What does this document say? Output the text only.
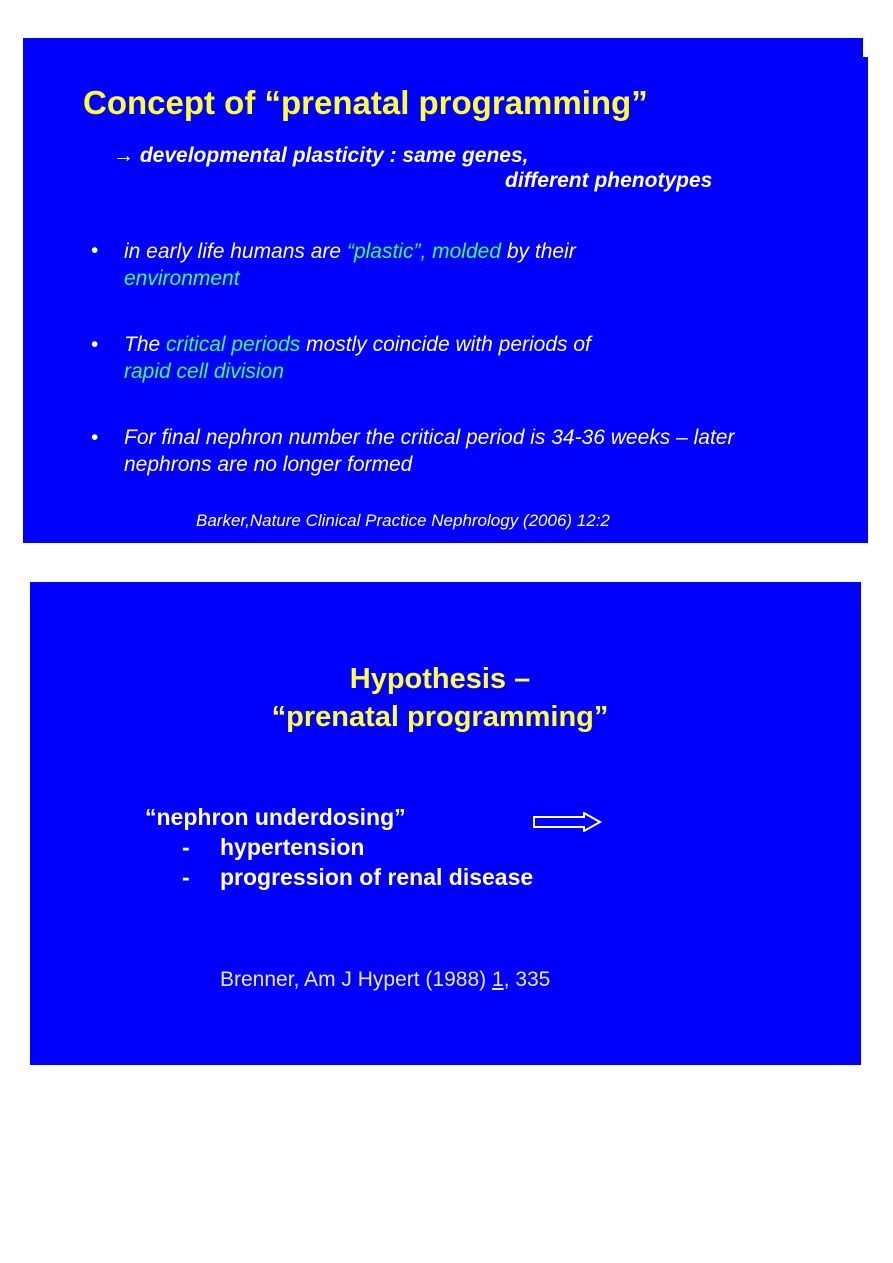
Concept of “prenatal programming”
→ developmental plasticity : same genes,
different phenotypes
• in early life humans are “plastic”, molded by their
environment
• The critical periods mostly coincide with periods of
rapid cell division
• For final nephron number the critical period is 34-36 weeks – later nephrons are no longer formed
Barker,Nature Clinical Practice Nephrology (2006) 12:2
Hypothesis –
“prenatal programming”
“nephron underdosing”
- hypertension
- progression of renal disease
Brenner, Am J Hypert (1988) 1, 335
